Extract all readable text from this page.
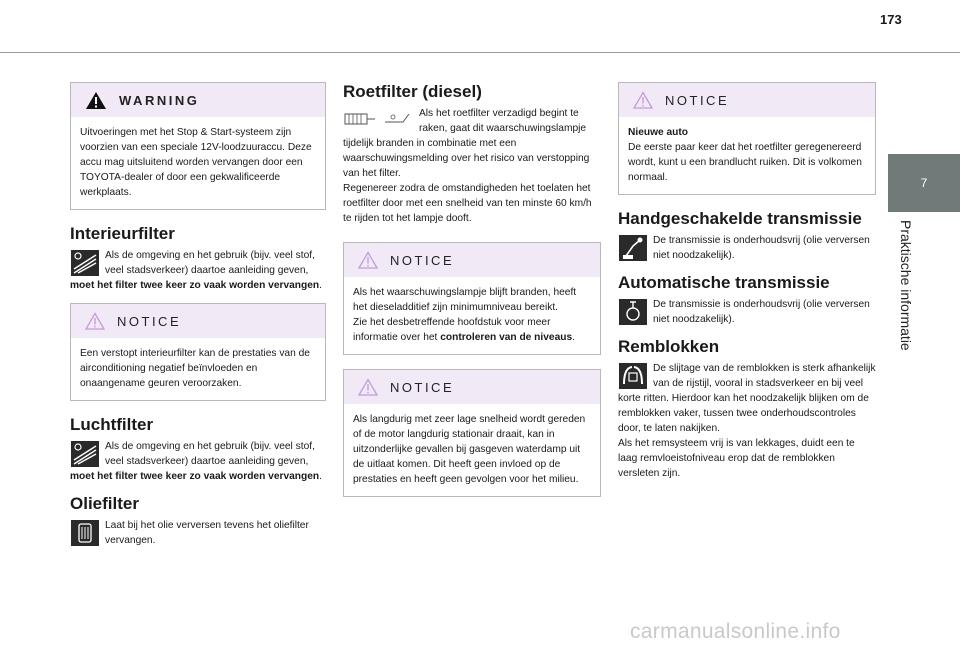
173
7
Praktische informatie
WARNING

Uitvoeringen met het Stop & Start-systeem zijn voorzien van een speciale 12V-loodzuuraccu. Deze accu mag uitsluitend worden vervangen door een TOYOTA-dealer of door een gekwalificeerde werkplaats.

Interieurfilter
Als de omgeving en het gebruik (bijv. veel stof, veel stadsverkeer) daartoe aanleiding geven, moet het filter twee keer zo vaak worden vervangen.
NOTICE

Een verstopt interieurfilter kan de prestaties van de airconditioning negatief beïnvloeden en onaangename geuren veroorzaken.

Luchtfilter
Als de omgeving en het gebruik (bijv. veel stof, veel stadsverkeer) daartoe aanleiding geven, moet het filter twee keer zo vaak worden vervangen.
Oliefilter
Laat bij het olie verversen tevens het oliefilter vervangen.
Roetfilter (diesel)

Als het roetfilter verzadigd begint te raken, gaat dit waarschuwingslampje tijdelijk branden in combinatie met een waarschuwingsmelding over het risico van verstopping van het filter.

Regenereer zodra de omstandigheden het toelaten het roetfilter door met een snelheid van ten minste 60 km/h te rijden tot het lampje dooft.

NOTICE

Als het waarschuwingslampje blijft branden, heeft het dieseladditief zijn minimumniveau bereikt.

Zie het desbetreffende hoofdstuk voor meer informatie over het controleren van de niveaus.

NOTICE

Als langdurig met zeer lage snelheid wordt gereden of de motor langdurig stationair draait, kan in uitzonderlijke gevallen bij gasgeven waterdamp uit de uitlaat komen. Dit heeft geen invloed op de prestaties en heeft geen gevolgen voor het milieu.

NOTICE

Nieuwe auto

De eerste paar keer dat het roetfilter geregenereerd wordt, kunt u een brandlucht ruiken. Dit is volkomen normaal.

Handgeschakelde transmissie
De transmissie is onderhoudsvrij (olie verversen niet noodzakelijk).
Automatische transmissie
De transmissie is onderhoudsvrij (olie verversen niet noodzakelijk).
Remblokken

De slijtage van de remblokken is sterk afhankelijk van de rijstijl, vooral in stadsverkeer en bij veel korte ritten. Hierdoor kan het noodzakelijk blijken om de remblokken vaker, tussen twee onderhoudscontroles door, te laten nakijken.

Als het remsysteem vrij is van lekkages, duidt een te laag remvloeistofniveau erop dat de remblokken versleten zijn.

carmanualsonline.info
